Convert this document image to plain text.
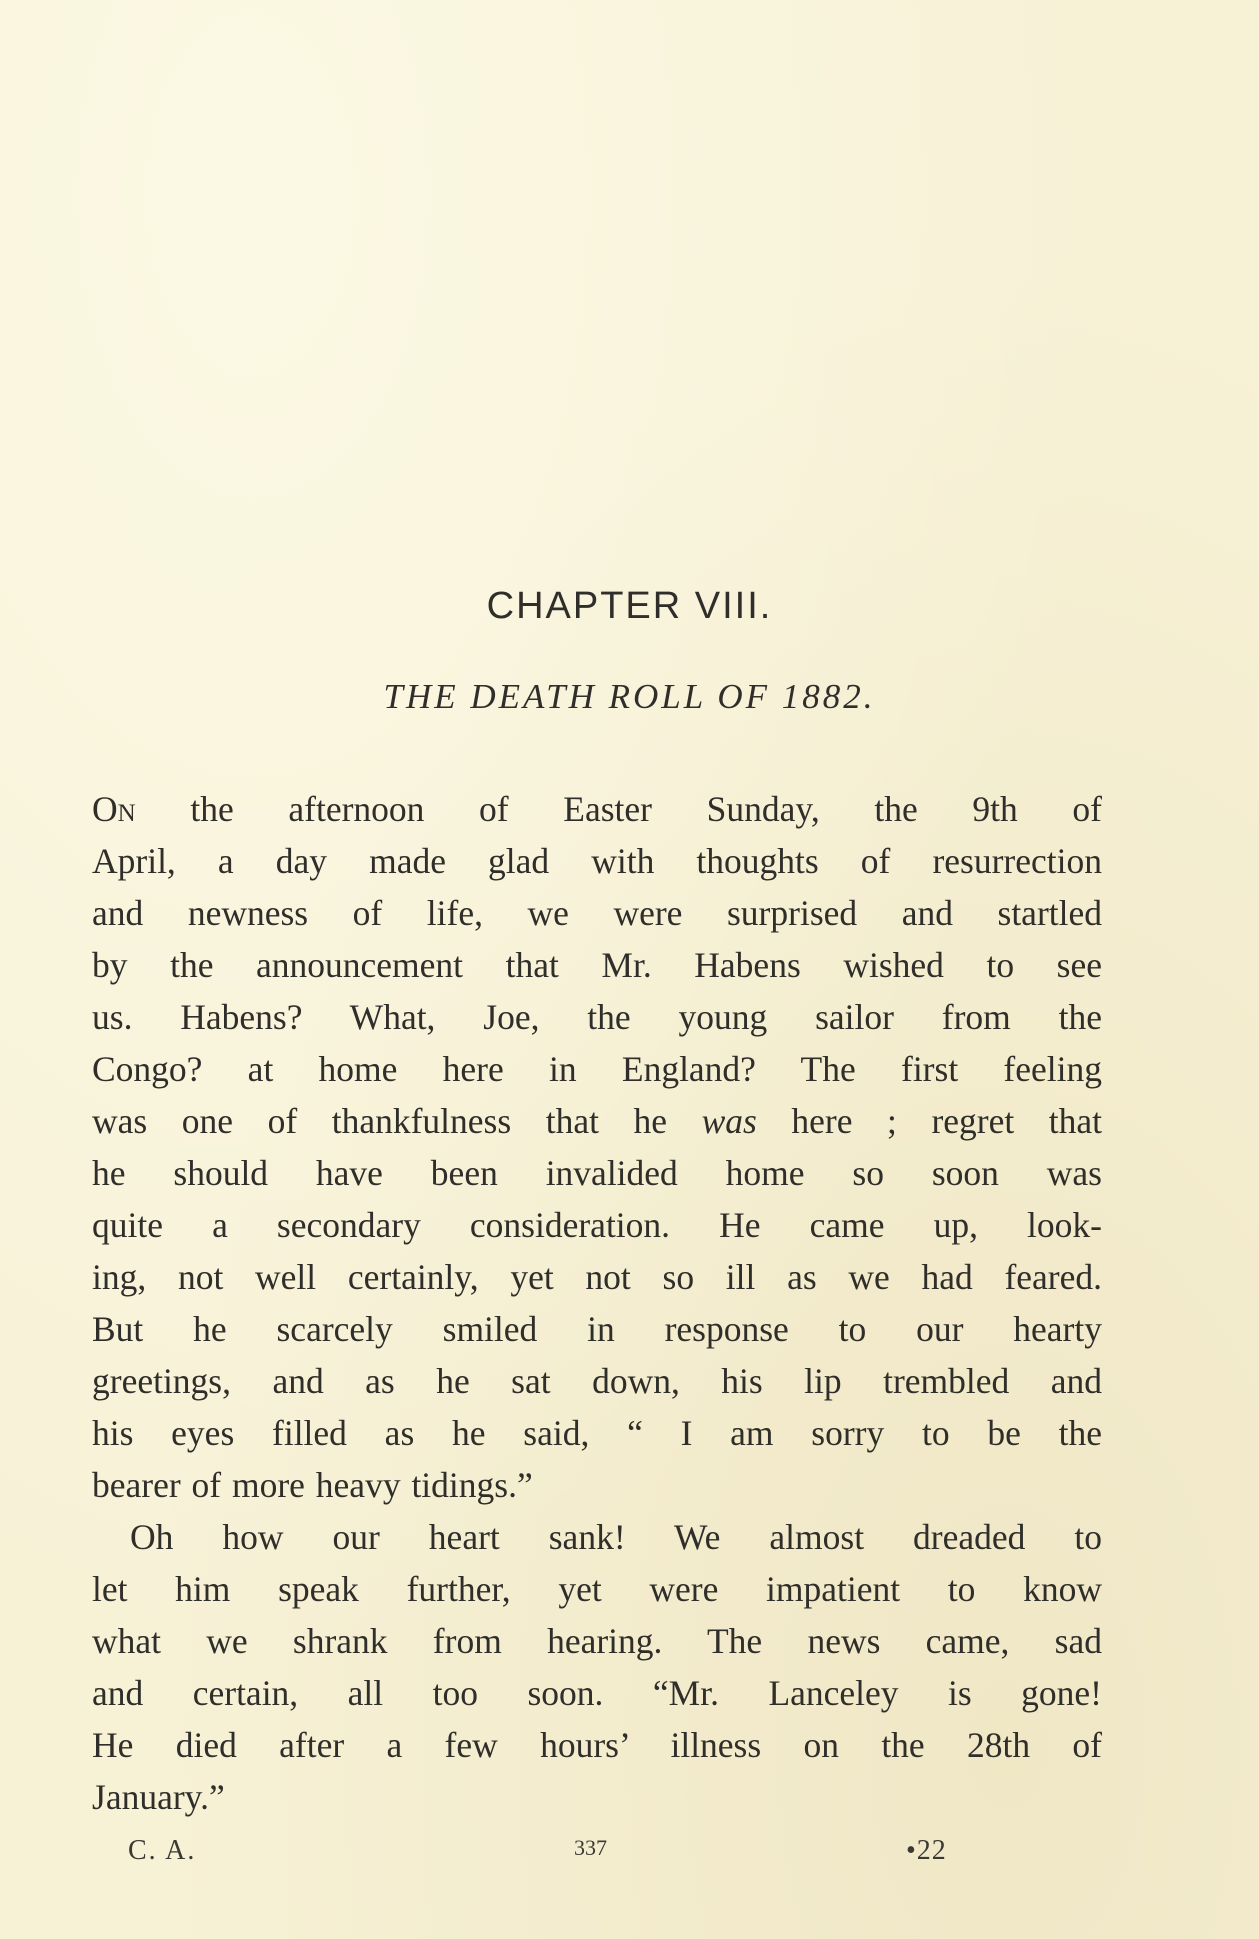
CHAPTER VIII.
THE DEATH ROLL OF 1882.
On the afternoon of Easter Sunday, the 9th of
April, a day made glad with thoughts of resurrection
and newness of life, we were surprised and startled
by the announcement that Mr. Habens wished to see
us. Habens? What, Joe, the young sailor from the
Congo? at home here in England? The first feeling
was one of thankfulness that he was here ; regret that
he should have been invalided home so soon was
quite a secondary consideration. He came up, look-
ing, not well certainly, yet not so ill as we had feared.
But he scarcely smiled in response to our hearty
greetings, and as he sat down, his lip trembled and
his eyes filled as he said, “ I am sorry to be the
bearer of more heavy tidings.”
Oh how our heart sank! We almost dreaded to
let him speak further, yet were impatient to know
what we shrank from hearing. The news came, sad
and certain, all too soon. “Mr. Lanceley is gone!
He died after a few hours’ illness on the 28th of
January.”
C. A.	337	•22
